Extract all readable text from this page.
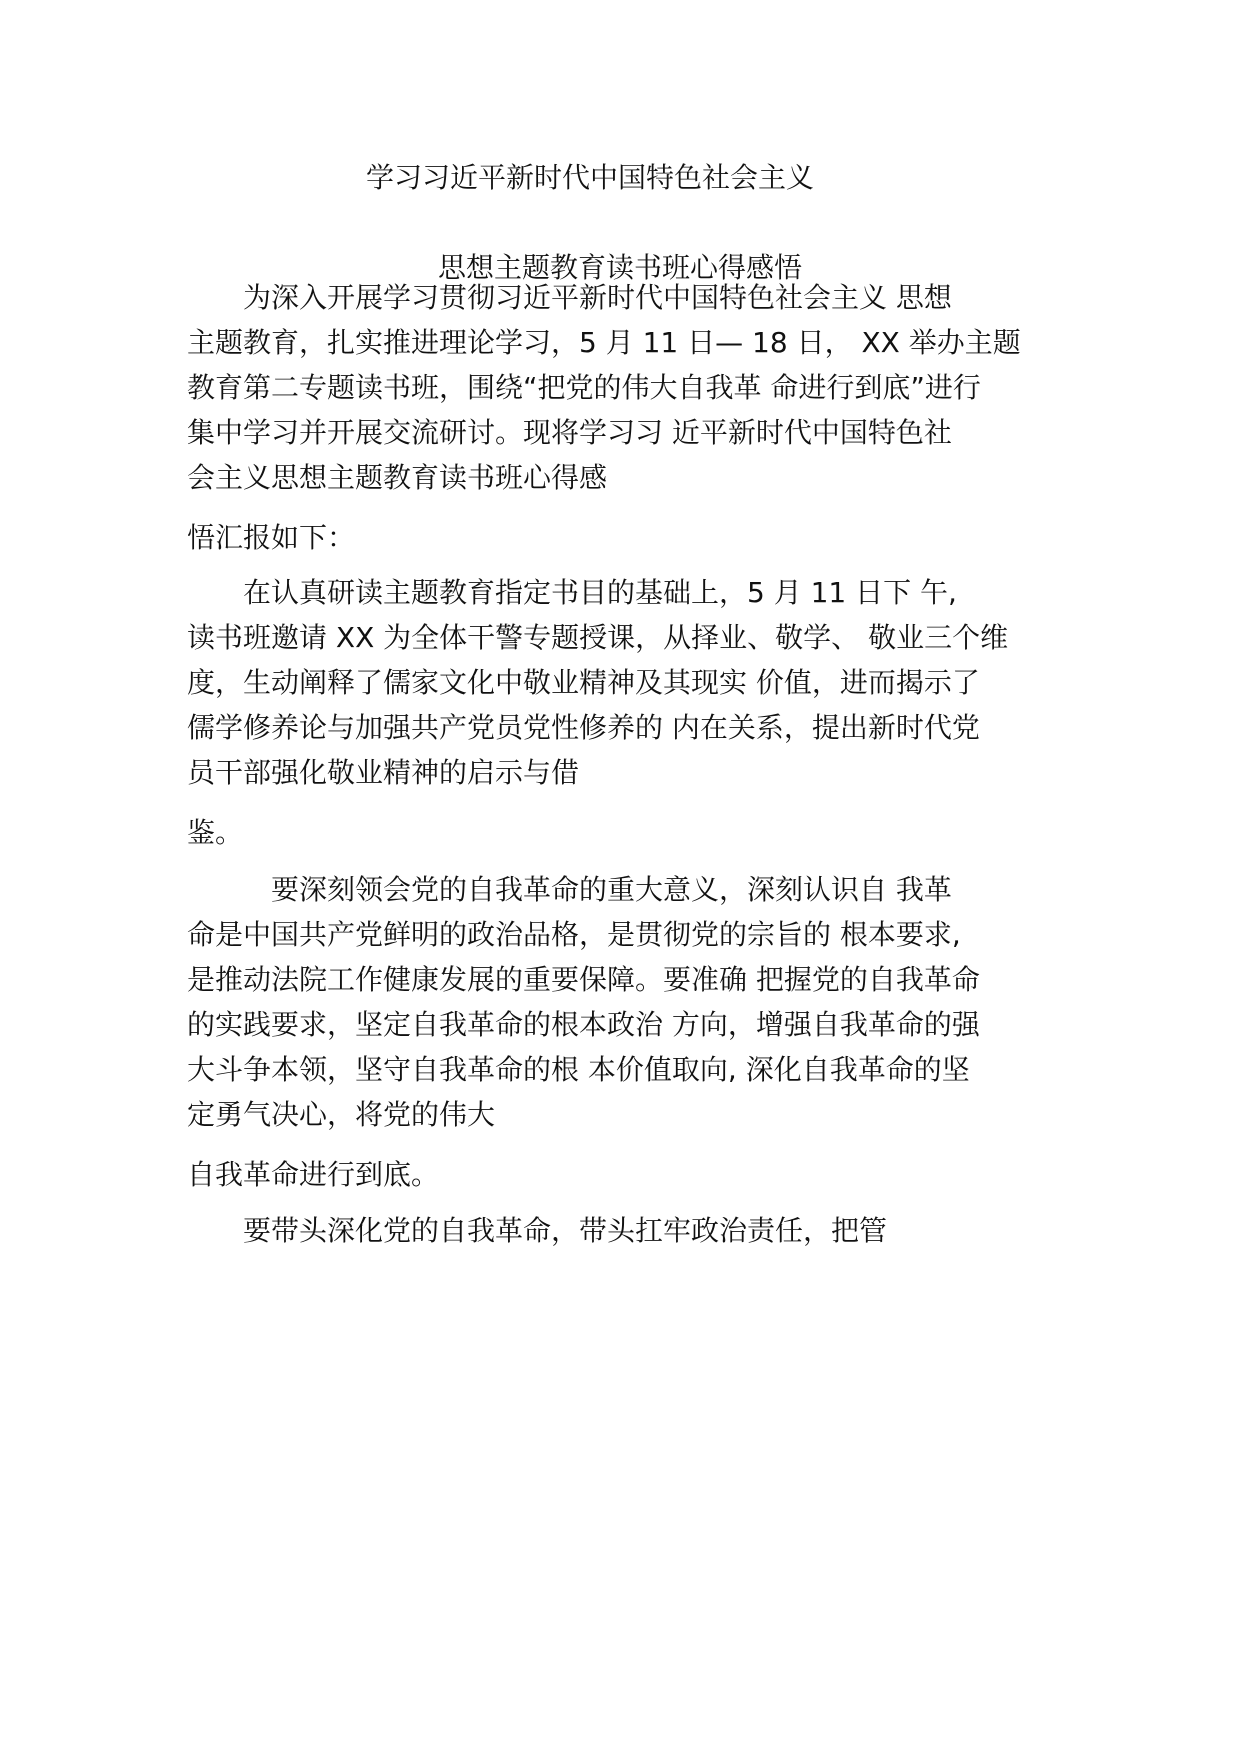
学习习近平新时代中国特色社会主义
思想主题教育读书班心得感悟
　　为深入开展学习贯彻习近平新时代中国特色社会主义 思想
主题教育，扎实推进理论学习，5 月 11 日— 18 日， XX 举办主题
教育第二专题读书班，围绕“把党的伟大自我革 命进行到底”进行
集中学习并开展交流研讨。现将学习习 近平新时代中国特色社
会主义思想主题教育读书班心得感
悟汇报如下：
　　在认真研读主题教育指定书目的基础上，5 月 11 日下 午,
读书班邀请 XX 为全体干警专题授课，从择业、敬学、 敬业三个维
度，生动阐释了儒家文化中敬业精神及其现实 价值，进而揭示了
儒学修养论与加强共产党员党性修养的 内在关系，提出新时代党
员干部强化敬业精神的启示与借
鉴。
　　　要深刻领会党的自我革命的重大意义，深刻认识自 我革
命是中国共产党鲜明的政治品格，是贯彻党的宗旨的 根本要求,
是推动法院工作健康发展的重要保障。要准确 把握党的自我革命
的实践要求，坚定自我革命的根本政治 方向，增强自我革命的强
大斗争本领，坚守自我革命的根 本价值取向, 深化自我革命的坚
定勇气决心，将党的伟大
自我革命进行到底。
　　要带头深化党的自我革命，带头扛牢政治责任，把管
